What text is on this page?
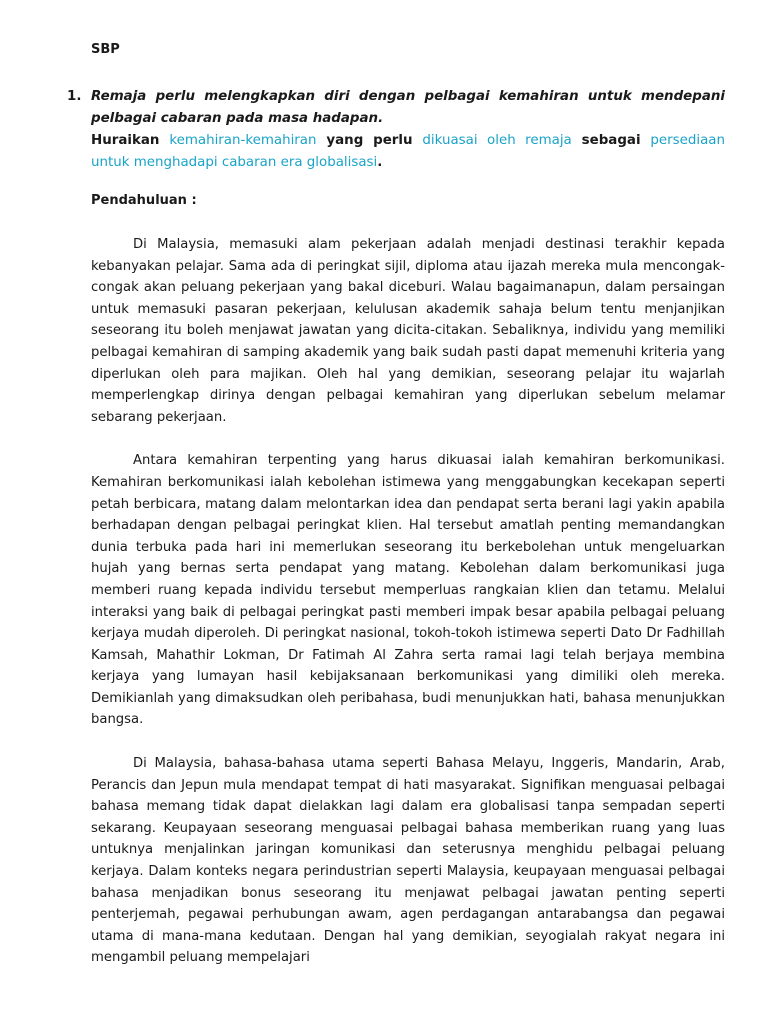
SBP
1. Remaja perlu melengkapkan diri dengan pelbagai kemahiran untuk mendepani pelbagai cabaran pada masa hadapan.
Huraikan kemahiran-kemahiran yang perlu dikuasai oleh remaja sebagai persediaan untuk menghadapi cabaran era globalisasi.
Pendahuluan :

Di Malaysia, memasuki alam pekerjaan adalah menjadi destinasi terakhir kepada kebanyakan pelajar. Sama ada di peringkat sijil, diploma atau ijazah mereka mula mencongak-congak akan peluang pekerjaan yang bakal diceburi. Walau bagaimanapun, dalam persaingan untuk memasuki pasaran pekerjaan, kelulusan akademik sahaja belum tentu menjanjikan seseorang itu boleh menjawat jawatan yang dicita-citakan. Sebaliknya, individu yang memiliki pelbagai kemahiran di samping akademik yang baik sudah pasti dapat memenuhi kriteria yang diperlukan oleh para majikan. Oleh hal yang demikian, seseorang pelajar itu wajarlah memperlengkap dirinya dengan pelbagai kemahiran yang diperlukan sebelum melamar sebarang pekerjaan.

Antara kemahiran terpenting yang harus dikuasai ialah kemahiran berkomunikasi. Kemahiran berkomunikasi ialah kebolehan istimewa yang menggabungkan kecekapan seperti petah berbicara, matang dalam melontarkan idea dan pendapat serta berani lagi yakin apabila berhadapan dengan pelbagai peringkat klien. Hal tersebut amatlah penting memandangkan dunia terbuka pada hari ini memerlukan seseorang itu berkebolehan untuk mengeluarkan hujah yang bernas serta pendapat yang matang. Kebolehan dalam berkomunikasi juga memberi ruang kepada individu tersebut memperluas rangkaian klien dan tetamu. Melalui interaksi yang baik di pelbagai peringkat pasti memberi impak besar apabila pelbagai peluang kerjaya mudah diperoleh. Di peringkat nasional, tokoh-tokoh istimewa seperti Dato Dr Fadhillah Kamsah, Mahathir Lokman, Dr Fatimah Al Zahra serta ramai lagi telah berjaya membina kerjaya yang lumayan hasil kebijaksanaan berkomunikasi yang dimiliki oleh mereka. Demikianlah yang dimaksudkan oleh peribahasa, budi menunjukkan hati, bahasa menunjukkan bangsa.

Di Malaysia, bahasa-bahasa utama seperti Bahasa Melayu, Inggeris, Mandarin, Arab, Perancis dan Jepun mula mendapat tempat di hati masyarakat. Signifikan menguasai pelbagai bahasa memang tidak dapat dielakkan lagi dalam era globalisasi tanpa sempadan seperti sekarang. Keupayaan seseorang menguasai pelbagai bahasa memberikan ruang yang luas untuknya menjalinkan jaringan komunikasi dan seterusnya menghidu pelbagai peluang kerjaya. Dalam konteks negara perindustrian seperti Malaysia, keupayaan menguasai pelbagai bahasa menjadikan bonus seseorang itu menjawat pelbagai jawatan penting seperti penterjemah, pegawai perhubungan awam, agen perdagangan antarabangsa dan pegawai utama di mana-mana kedutaan. Dengan hal yang demikian, seyogialah rakyat negara ini mengambil peluang mempelajari
